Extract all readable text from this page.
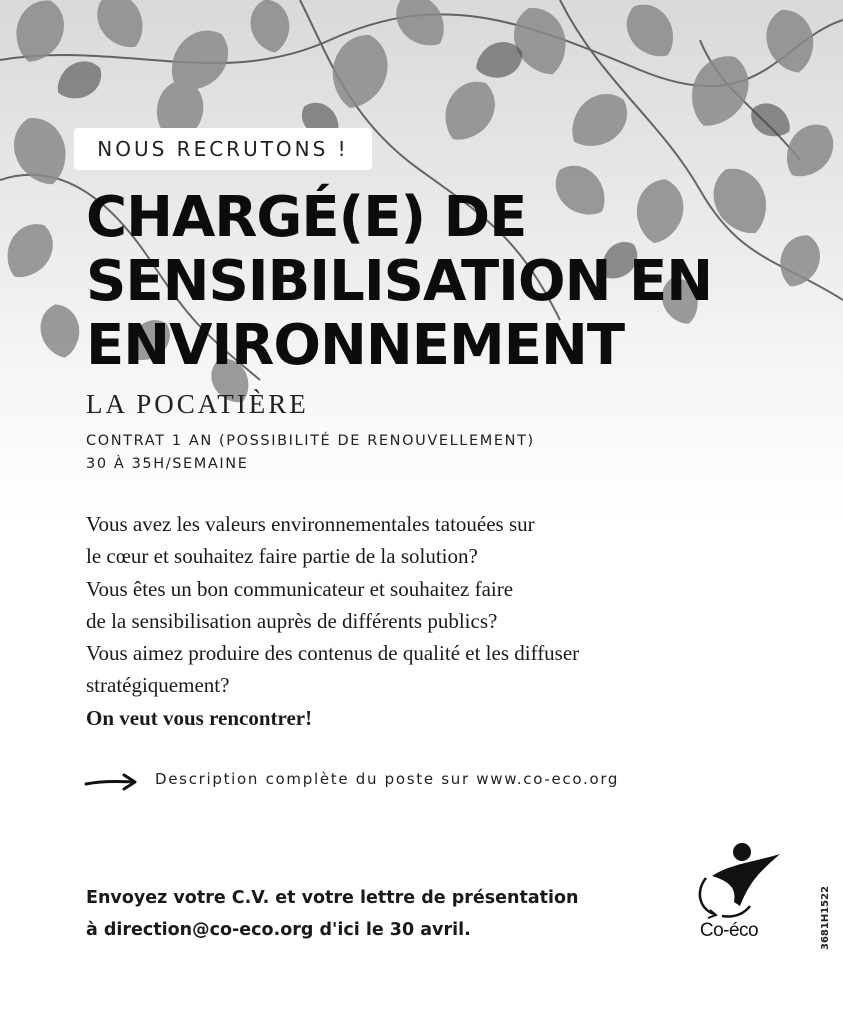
NOUS RECRUTONS !
CHARGÉ(E) DE
SENSIBILISATION EN
ENVIRONNEMENT
LA POCATIÈRE
CONTRAT 1 AN (POSSIBILITÉ DE RENOUVELLEMENT)
30 À 35H/SEMAINE
Vous avez les valeurs environnementales tatouées sur
le cœur et souhaitez faire partie de la solution?
Vous êtes un bon communicateur et souhaitez faire
de la sensibilisation auprès de différents publics?
Vous aimez produire des contenus de qualité et les diffuser
stratégiquement?
On veut vous rencontrer!
Description complète du poste sur www.co-eco.org
Envoyez votre C.V. et votre lettre de présentation
à direction@co-eco.org d'ici le 30 avril.	Co-éco	3681H1522
